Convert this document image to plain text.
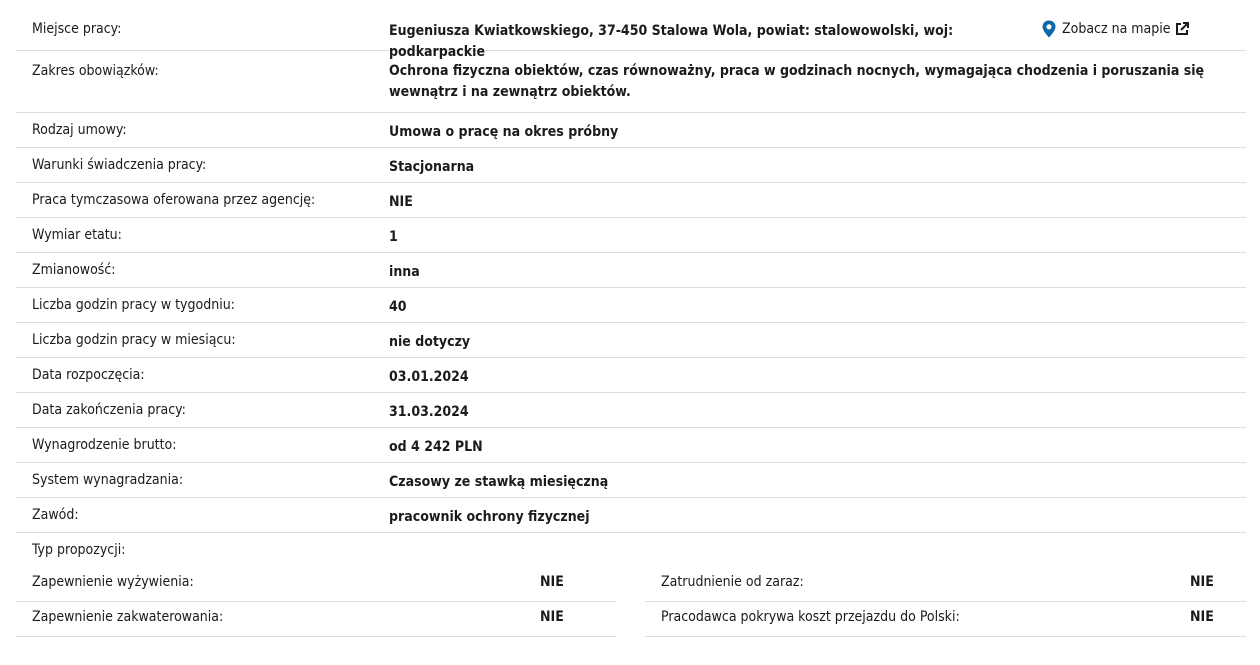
Miejsce pracy:	Eugeniusza Kwiatkowskiego, 37-450 Stalowa Wola, powiat: stalowowolski, woj: podkarpackie
Zobacz na mapie
Zakres obowiązków:	Ochrona fizyczna obiektów, czas równoważny, praca w godzinach nocnych, wymagająca chodzenia i poruszania się wewnątrz i na zewnątrz obiektów.
Rodzaj umowy:	Umowa o pracę na okres próbny
Warunki świadczenia pracy:	Stacjonarna
Praca tymczasowa oferowana przez agencję:	NIE
Wymiar etatu:	1
Zmianowość:	inna
Liczba godzin pracy w tygodniu:	40
Liczba godzin pracy w miesiącu:	nie dotyczy
Data rozpoczęcia:	03.01.2024
Data zakończenia pracy:	31.03.2024
Wynagrodzenie brutto:	od 4 242 PLN
System wynagradzania:	Czasowy ze stawką miesięczną
Zawód:	pracownik ochrony fizycznej
Typ propozycji:
Zapewnienie wyżywienia:	NIE
Zapewnienie zakwaterowania:	NIE
Zatrudnienie od zaraz:	NIE
Pracodawca pokrywa koszt przejazdu do Polski:	NIE
